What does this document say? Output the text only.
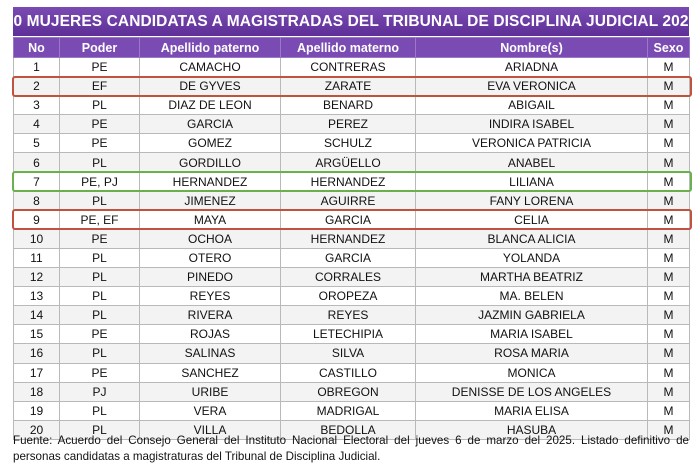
20 MUJERES CANDIDATAS A MAGISTRADAS DEL TRIBUNAL DE DISCIPLINA JUDICIAL 2025
No	Poder	Apellido paterno	Apellido materno	Nombre(s)	Sexo
1	PE	CAMACHO	CONTRERAS	ARIADNA	M
2	EF	DE GYVES	ZARATE	EVA VERONICA	M
3	PL	DIAZ DE LEON	BENARD	ABIGAIL	M
4	PE	GARCIA	PEREZ	INDIRA ISABEL	M
5	PE	GOMEZ	SCHULZ	VERONICA PATRICIA	M
6	PL	GORDILLO	ARGÜELLO	ANABEL	M
7	PE, PJ	HERNANDEZ	HERNANDEZ	LILIANA	M
8	PL	JIMENEZ	AGUIRRE	FANY LORENA	M
9	PE, EF	MAYA	GARCIA	CELIA	M
10	PE	OCHOA	HERNANDEZ	BLANCA ALICIA	M
11	PL	OTERO	GARCIA	YOLANDA	M
12	PL	PINEDO	CORRALES	MARTHA BEATRIZ	M
13	PL	REYES	OROPEZA	MA. BELEN	M
14	PL	RIVERA	REYES	JAZMIN GABRIELA	M
15	PE	ROJAS	LETECHIPIA	MARIA ISABEL	M
16	PL	SALINAS	SILVA	ROSA MARIA	M
17	PE	SANCHEZ	CASTILLO	MONICA	M
18	PJ	URIBE	OBREGON	DENISSE DE LOS ANGELES	M
19	PL	VERA	MADRIGAL	MARIA ELISA	M
20	PL	VILLA	BEDOLLA	HASUBA	M
Fuente: Acuerdo del Consejo General del Instituto Nacional Electoral del jueves 6 de marzo del 2025. Listado definitivo de personas candidatas a magistraturas del Tribunal de Disciplina Judicial.
